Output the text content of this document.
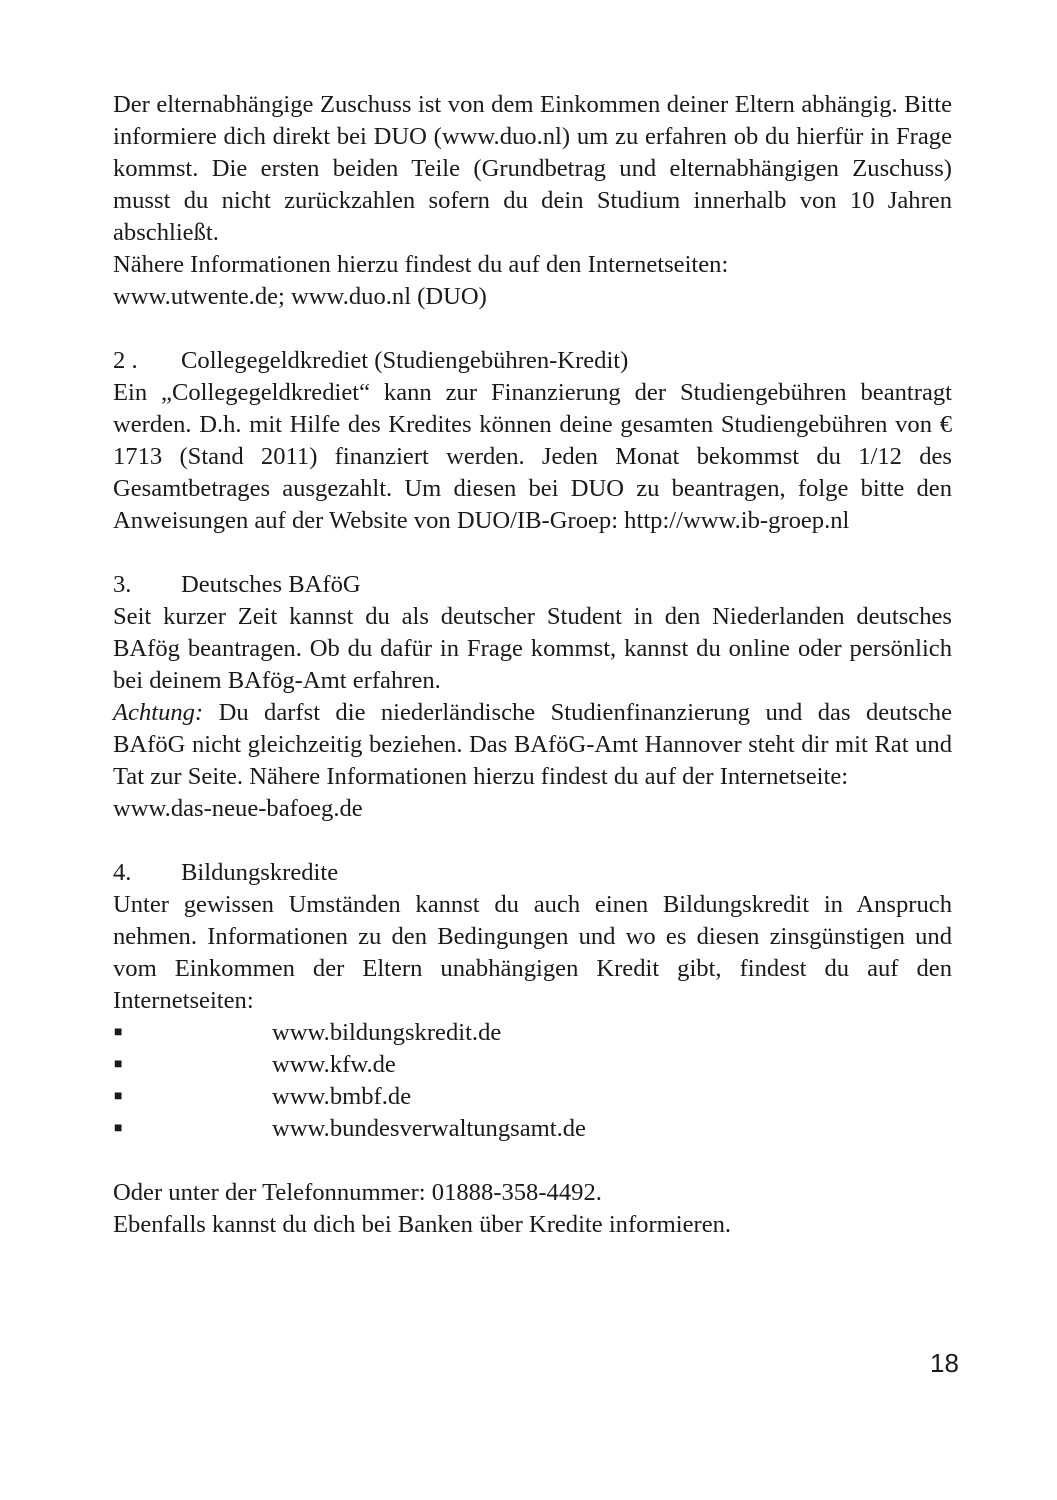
Der elternabhängige Zuschuss ist von dem Einkommen deiner Eltern abhängig. Bitte informiere dich direkt bei DUO (www.duo.nl) um zu erfahren ob du hierfür in Frage kommst. Die ersten beiden Teile (Grundbetrag und elternabhängigen Zuschuss) musst du nicht zurückzahlen sofern du dein Studium innerhalb von 10 Jahren abschließt.

Nähere Informationen hierzu findest du auf den Internetseiten:

www.utwente.de; www.duo.nl (DUO)

2 .	Collegegeldkrediet (Studiengebühren-Kredit)

Ein „Collegegeldkrediet“ kann zur Finanzierung der Studiengebühren beantragt werden. D.h. mit Hilfe des Kredites können deine gesamten Studiengebühren von € 1713 (Stand 2011) finanziert werden. Jeden Monat bekommst du 1/12 des Gesamtbetrages ausgezahlt. Um diesen bei DUO zu beantragen, folge bitte den Anweisungen auf der Website von DUO/IB-Groep: http://www.ib-groep.nl

3.	Deutsches BAföG

Seit kurzer Zeit kannst du als deutscher Student in den Niederlanden deutsches BAfög beantragen. Ob du dafür in Frage kommst, kannst du online oder persönlich bei deinem BAfög-Amt erfahren.

Achtung: Du darfst die niederländische Studienfinanzierung und das deutsche BAföG nicht gleichzeitig beziehen. Das BAföG-Amt Hannover steht dir mit Rat und Tat zur Seite. Nähere Informationen hierzu findest du auf der Internetseite:

www.das-neue-bafoeg.de

4.	Bildungskredite

Unter gewissen Umständen kannst du auch einen Bildungskredit in Anspruch nehmen. Informationen zu den Bedingungen und wo es diesen zinsgünstigen und vom Einkommen der Eltern unabhängigen Kredit gibt, findest du auf den Internetseiten:

■	www.bildungskredit.de
■	www.kfw.de
■	www.bmbf.de
■	www.bundesverwaltungsamt.de

Oder unter der Telefonnummer: 01888-358-4492.

Ebenfalls kannst du dich bei Banken über Kredite informieren.

18
